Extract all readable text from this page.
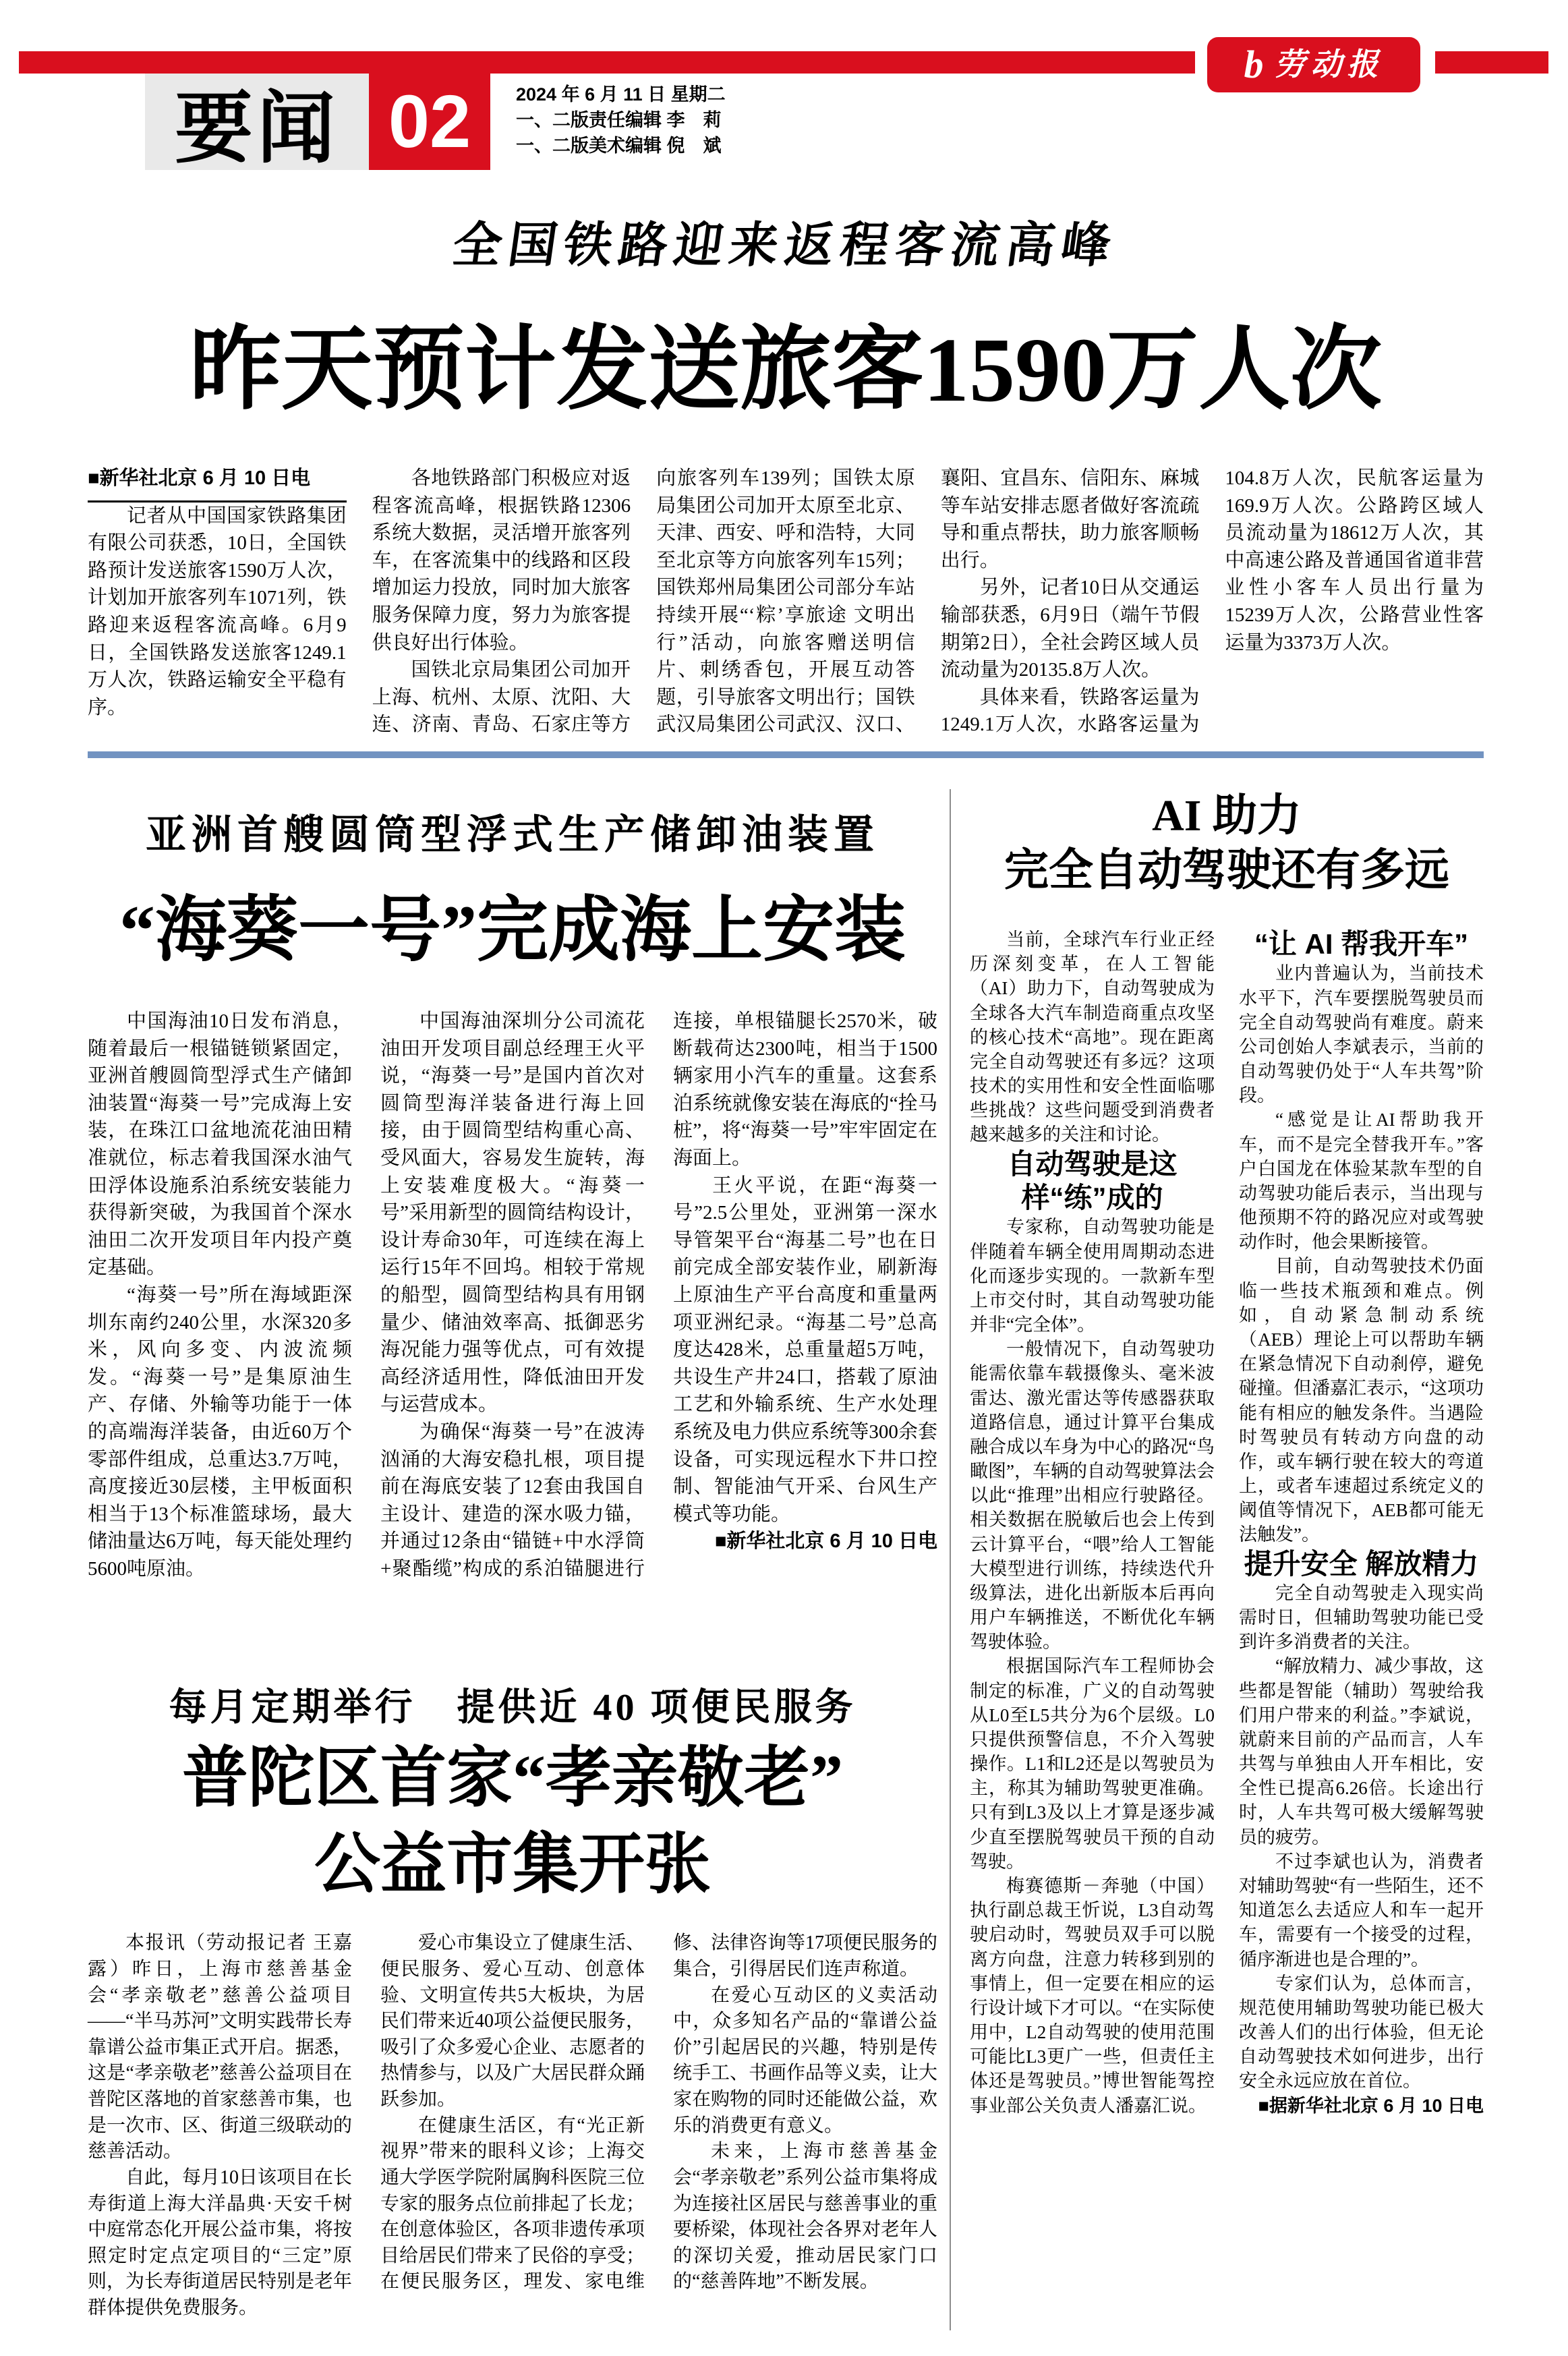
b 劳动报
要闻 02	2024 年 6 月 11 日 星期二
一、二版责任编辑 李　莉
一、二版美术编辑 倪　斌
全国铁路迎来返程客流高峰
昨天预计发送旅客1590万人次

■新华社北京 6 月 10 日电

记者从中国国家铁路集团有限公司获悉，10日，全国铁路预计发送旅客1590万人次，计划加开旅客列车1071列，铁路迎来返程客流高峰。6月9日，全国铁路发送旅客1249.1万人次，铁路运输安全平稳有序。

各地铁路部门积极应对返程客流高峰，根据铁路12306系统大数据，灵活增开旅客列车，在客流集中的线路和区段增加运力投放，同时加大旅客服务保障力度，努力为旅客提供良好出行体验。

国铁北京局集团公司加开上海、杭州、太原、沈阳、大连、济南、青岛、石家庄等方向旅客列车139列；国铁太原局集团公司加开太原至北京、天津、西安、呼和浩特，大同至北京等方向旅客列车15列；国铁郑州局集团公司部分车站持续开展“‘粽’享旅途 文明出行”活动，向旅客赠送明信片、刺绣香包，开展互动答题，引导旅客文明出行；国铁武汉局集团公司武汉、汉口、襄阳、宜昌东、信阳东、麻城等车站安排志愿者做好客流疏导和重点帮扶，助力旅客顺畅出行。

另外，记者10日从交通运输部获悉，6月9日（端午节假期第2日），全社会跨区域人员流动量为20135.8万人次。

具体来看，铁路客运量为1249.1万人次，水路客运量为104.8万人次，民航客运量为169.9万人次。公路跨区域人员流动量为18612万人次，其中高速公路及普通国省道非营业性小客车人员出行量为15239万人次，公路营业性客运量为3373万人次。

亚洲首艘圆筒型浮式生产储卸油装置
“海葵一号”完成海上安装

中国海油10日发布消息，随着最后一根锚链锁紧固定，亚洲首艘圆筒型浮式生产储卸油装置“海葵一号”完成海上安装，在珠江口盆地流花油田精准就位，标志着我国深水油气田浮体设施系泊系统安装能力获得新突破，为我国首个深水油田二次开发项目年内投产奠定基础。

“海葵一号”所在海域距深圳东南约240公里，水深320多米，风向多变、内波流频发。“海葵一号”是集原油生产、存储、外输等功能于一体的高端海洋装备，由近60万个零部件组成，总重达3.7万吨，高度接近30层楼，主甲板面积相当于13个标准篮球场，最大储油量达6万吨，每天能处理约5600吨原油。

中国海油深圳分公司流花油田开发项目副总经理王火平说，“海葵一号”是国内首次对圆筒型海洋装备进行海上回接，由于圆筒型结构重心高、受风面大，容易发生旋转，海上安装难度极大。“海葵一号”采用新型的圆筒结构设计，设计寿命30年，可连续在海上运行15年不回坞。相较于常规的船型，圆筒型结构具有用钢量少、储油效率高、抵御恶劣海况能力强等优点，可有效提高经济适用性，降低油田开发与运营成本。

为确保“海葵一号”在波涛汹涌的大海安稳扎根，项目提前在海底安装了12套由我国自主设计、建造的深水吸力锚，并通过12条由“锚链+中水浮筒+聚酯缆”构成的系泊锚腿进行连接，单根锚腿长2570米，破断载荷达2300吨，相当于1500辆家用小汽车的重量。这套系泊系统就像安装在海底的“拴马桩”，将“海葵一号”牢牢固定在海面上。

王火平说，在距“海葵一号”2.5公里处，亚洲第一深水导管架平台“海基二号”也在日前完成全部安装作业，刷新海上原油生产平台高度和重量两项亚洲纪录。“海基二号”总高度达428米，总重量超5万吨，共设生产井24口，搭载了原油工艺和外输系统、生产水处理系统及电力供应系统等300余套设备，可实现远程水下井口控制、智能油气开采、台风生产模式等功能。

■新华社北京 6 月 10 日电

AI 助力
完全自动驾驶还有多远

当前，全球汽车行业正经历深刻变革，在人工智能（AI）助力下，自动驾驶成为全球各大汽车制造商重点攻坚的核心技术“高地”。现在距离完全自动驾驶还有多远？这项技术的实用性和安全性面临哪些挑战？这些问题受到消费者越来越多的关注和讨论。

自动驾驶是这样“练”成的

专家称，自动驾驶功能是伴随着车辆全使用周期动态进化而逐步实现的。一款新车型上市交付时，其自动驾驶功能并非“完全体”。

一般情况下，自动驾驶功能需依靠车载摄像头、毫米波雷达、激光雷达等传感器获取道路信息，通过计算平台集成融合成以车身为中心的路况“鸟瞰图”，车辆的自动驾驶算法会以此“推理”出相应行驶路径。相关数据在脱敏后也会上传到云计算平台，“喂”给人工智能大模型进行训练，持续迭代升级算法，进化出新版本后再向用户车辆推送，不断优化车辆驾驶体验。

根据国际汽车工程师协会制定的标准，广义的自动驾驶从L0至L5共分为6个层级。L0只提供预警信息，不介入驾驶操作。L1和L2还是以驾驶员为主，称其为辅助驾驶更准确。只有到L3及以上才算是逐步减少直至摆脱驾驶员干预的自动驾驶。

梅赛德斯－奔驰（中国）执行副总裁王忻说，L3自动驾驶启动时，驾驶员双手可以脱离方向盘，注意力转移到别的事情上，但一定要在相应的运行设计域下才可以。“在实际使用中，L2自动驾驶的使用范围可能比L3更广一些，但责任主体还是驾驶员。”博世智能驾控事业部公关负责人潘嘉汇说。

“让 AI 帮我开车”

业内普遍认为，当前技术水平下，汽车要摆脱驾驶员而完全自动驾驶尚有难度。蔚来公司创始人李斌表示，当前的自动驾驶仍处于“人车共驾”阶段。

“感觉是让AI帮助我开车，而不是完全替我开车。”客户白国龙在体验某款车型的自动驾驶功能后表示，当出现与他预期不符的路况应对或驾驶动作时，他会果断接管。

目前，自动驾驶技术仍面临一些技术瓶颈和难点。例如，自动紧急制动系统（AEB）理论上可以帮助车辆在紧急情况下自动刹停，避免碰撞。但潘嘉汇表示，“这项功能有相应的触发条件。当遇险时驾驶员有转动方向盘的动作，或车辆行驶在较大的弯道上，或者车速超过系统定义的阈值等情况下，AEB都可能无法触发”。

提升安全 解放精力

完全自动驾驶走入现实尚需时日，但辅助驾驶功能已受到许多消费者的关注。

“解放精力、减少事故，这些都是智能（辅助）驾驶给我们用户带来的利益。”李斌说，就蔚来目前的产品而言，人车共驾与单独由人开车相比，安全性已提高6.26倍。长途出行时，人车共驾可极大缓解驾驶员的疲劳。

不过李斌也认为，消费者对辅助驾驶“有一些陌生，还不知道怎么去适应人和车一起开车，需要有一个接受的过程，循序渐进也是合理的”。

专家们认为，总体而言，规范使用辅助驾驶功能已极大改善人们的出行体验，但无论自动驾驶技术如何进步，出行安全永远应放在首位。

■据新华社北京 6 月 10 日电

每月定期举行　提供近 40 项便民服务
普陀区首家“孝亲敬老”
公益市集开张

本报讯（劳动报记者 王嘉露）昨日，上海市慈善基金会“孝亲敬老”慈善公益项目——“半马苏河”文明实践带长寿靠谱公益市集正式开启。据悉，这是“孝亲敬老”慈善公益项目在普陀区落地的首家慈善市集，也是一次市、区、街道三级联动的慈善活动。

自此，每月10日该项目在长寿街道上海大洋晶典·天安千树中庭常态化开展公益市集，将按照定时定点定项目的“三定”原则，为长寿街道居民特别是老年群体提供免费服务。

爱心市集设立了健康生活、便民服务、爱心互动、创意体验、文明宣传共5大板块，为居民们带来近40项公益便民服务，吸引了众多爱心企业、志愿者的热情参与，以及广大居民群众踊跃参加。

在健康生活区，有“光正新视界”带来的眼科义诊；上海交通大学医学院附属胸科医院三位专家的服务点位前排起了长龙；在创意体验区，各项非遗传承项目给居民们带来了民俗的享受；在便民服务区，理发、家电维修、法律咨询等17项便民服务的集合，引得居民们连声称道。

在爱心互动区的义卖活动中，众多知名产品的“靠谱公益价”引起居民的兴趣，特别是传统手工、书画作品等义卖，让大家在购物的同时还能做公益，欢乐的消费更有意义。

未来，上海市慈善基金会“孝亲敬老”系列公益市集将成为连接社区居民与慈善事业的重要桥梁，体现社会各界对老年人的深切关爱，推动居民家门口的“慈善阵地”不断发展。
